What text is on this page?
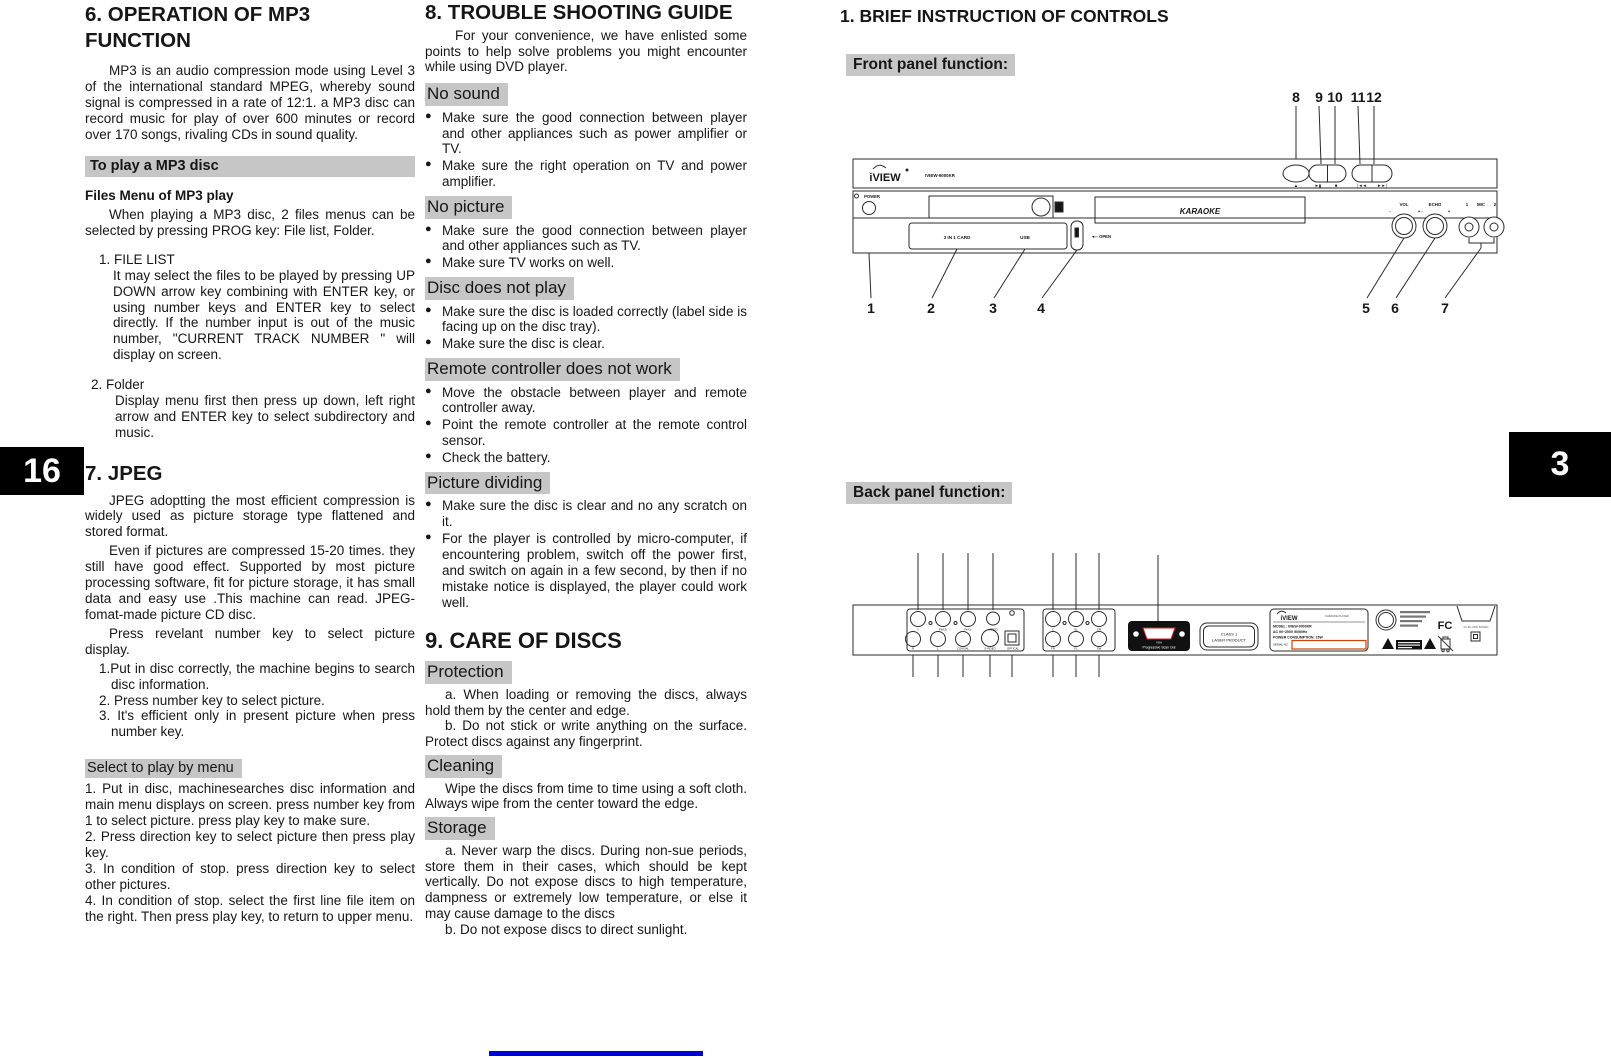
16	3
6. OPERATION OF MP3 FUNCTION

MP3 is an audio compression mode using Level 3 of the international standard MPEG, whereby sound signal is compressed in a rate of 12:1. a MP3 disc can record music for play of over 600 minutes or record over 170 songs, rivaling CDs in sound quality.

To play a MP3 disc
Files Menu of MP3 play

When playing a MP3 disc, 2 files menus can be selected by pressing PROG key: File list, Folder.

1. FILE LIST
It may select the files to be played by pressing UP DOWN arrow key combining with ENTER key, or using number keys and ENTER key to select directly. If the number input is out of the music number, "CURRENT TRACK NUMBER " will display on screen.
2. Folder
Display menu first then press up down, left right arrow and ENTER key to select subdirectory and music.
7. JPEG

JPEG adoptting the most efficient compression is widely used as picture storage type flattened and stored format.

Even if pictures are compressed 15-20 times. they still have good effect. Supported by most picture processing software, fit for picture storage, it has small data and easy use .This machine can read. JPEG-fomat-made picture CD disc.

Press revelant number key to select picture display.

1.Put in disc correctly, the machine begins to search disc information.
2. Press number key to select picture.
3. It's efficient only in present picture when press number key.
Select to play by menu
1. Put in disc, machinesearches disc information and main menu displays on screen. press number key from 1 to select picture. press play key to make sure.
2. Press direction key to select picture then press play key.
3. In condition of stop. press direction key to select other pictures.
4. In condition of stop. select the first line file item on the right. Then press play key, to return to upper menu.
8. TROUBLE SHOOTING GUIDE

For your convenience, we have enlisted some points to help solve problems you might encounter while using DVD player.

No sound
● Make sure the good connection between player and other appliances such as power amplifier or TV.
● Make sure the right operation on TV and power amplifier.
No picture
● Make sure the good connection between player and other appliances such as TV.
● Make sure TV works on well.
Disc does not play
● Make sure the disc is loaded correctly (label side is facing up on the disc tray).
● Make sure the disc is clear.
Remote controller does not work
● Move the obstacle between player and remote controller away.
● Point the remote controller at the remote control sensor.
● Check the battery.
Picture dividing
● Make sure the disc is clear and no any scratch on it.
● For the player is controlled by micro-computer, if encountering problem, switch off the power first, and switch on again in a few second, by then if no mistake notice is displayed, the player could work well.
9. CARE OF DISCS
Protection

a. When loading or removing the discs, always hold them by the center and edge.

b. Do not stick or write anything on the surface. Protect discs against any fingerprint.

Cleaning

Wipe the discs from time to time using a soft cloth. Always wipe from the center toward the edge.

Storage

a. Never warp the discs. During non-sue periods, store them in their cases, which should be kept vertically. Do not expose discs to high temperature, dampness or extremely low temperature, or else it may cause damage to the discs

b. Do not expose discs to direct sunlight.

1. BRIEF INSTRUCTION OF CONTROLS
Front panel function:
8 9 10 11 12
iVIEW	IVIEW-9000KR
▲	►▮	■	|◄◄	►►|
POWER
KARAOKE
VOL
-	+
ECHO
-	+
1 MIC 2
3 IN 1 CARD	USB	◄-- OPEN
1	2	3	4	5 6	7
Back panel function:
Y	Pb/Cb	Pr/Cr	VIDEO
R	L	COAXIAL	S-VIDEO	OPTICAL
C	SL	SR
FR	FL	SW
VGA
Progressive Scan Out
CLASS 1
LASER PRODUCT
iVIEW	KARAOKE PLAYER
MODEL: IVIEW-9000KR
AC 90~250V 50/60Hz
POWER CONSUMPTION: 15W
SERIAL NO.
FC	AC 90~240V 50/60Hz
